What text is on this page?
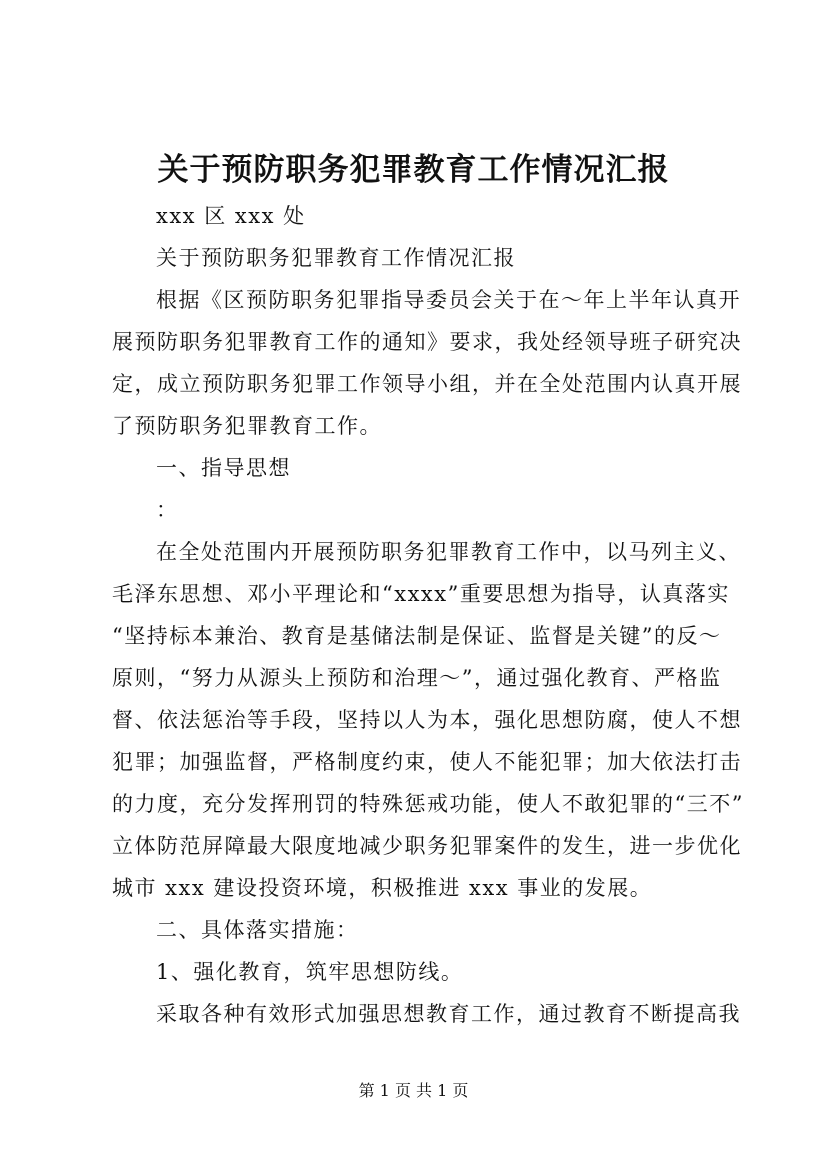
关于预防职务犯罪教育工作情况汇报
xxx 区 xxx 处
关于预防职务犯罪教育工作情况汇报
根据《区预防职务犯罪指导委员会关于在～年上半年认真开
展预防职务犯罪教育工作的通知》要求，我处经领导班子研究决
定，成立预防职务犯罪工作领导小组，并在全处范围内认真开展
了预防职务犯罪教育工作。
一、指导思想
：
在全处范围内开展预防职务犯罪教育工作中，以马列主义、
毛泽东思想、邓小平理论和“xxxx”重要思想为指导，认真落实
“坚持标本兼治、教育是基储法制是保证、监督是关键”的反～
原则，“努力从源头上预防和治理～”，通过强化教育、严格监
督、依法惩治等手段，坚持以人为本，强化思想防腐，使人不想
犯罪；加强监督，严格制度约束，使人不能犯罪；加大依法打击
的力度，充分发挥刑罚的特殊惩戒功能，使人不敢犯罪的“三不”
立体防范屏障最大限度地减少职务犯罪案件的发生，进一步优化
城市 xxx 建设投资环境，积极推进 xxx 事业的发展。
二、具体落实措施：
1、强化教育，筑牢思想防线。
采取各种有效形式加强思想教育工作，通过教育不断提高我
第 1 页 共 1 页
